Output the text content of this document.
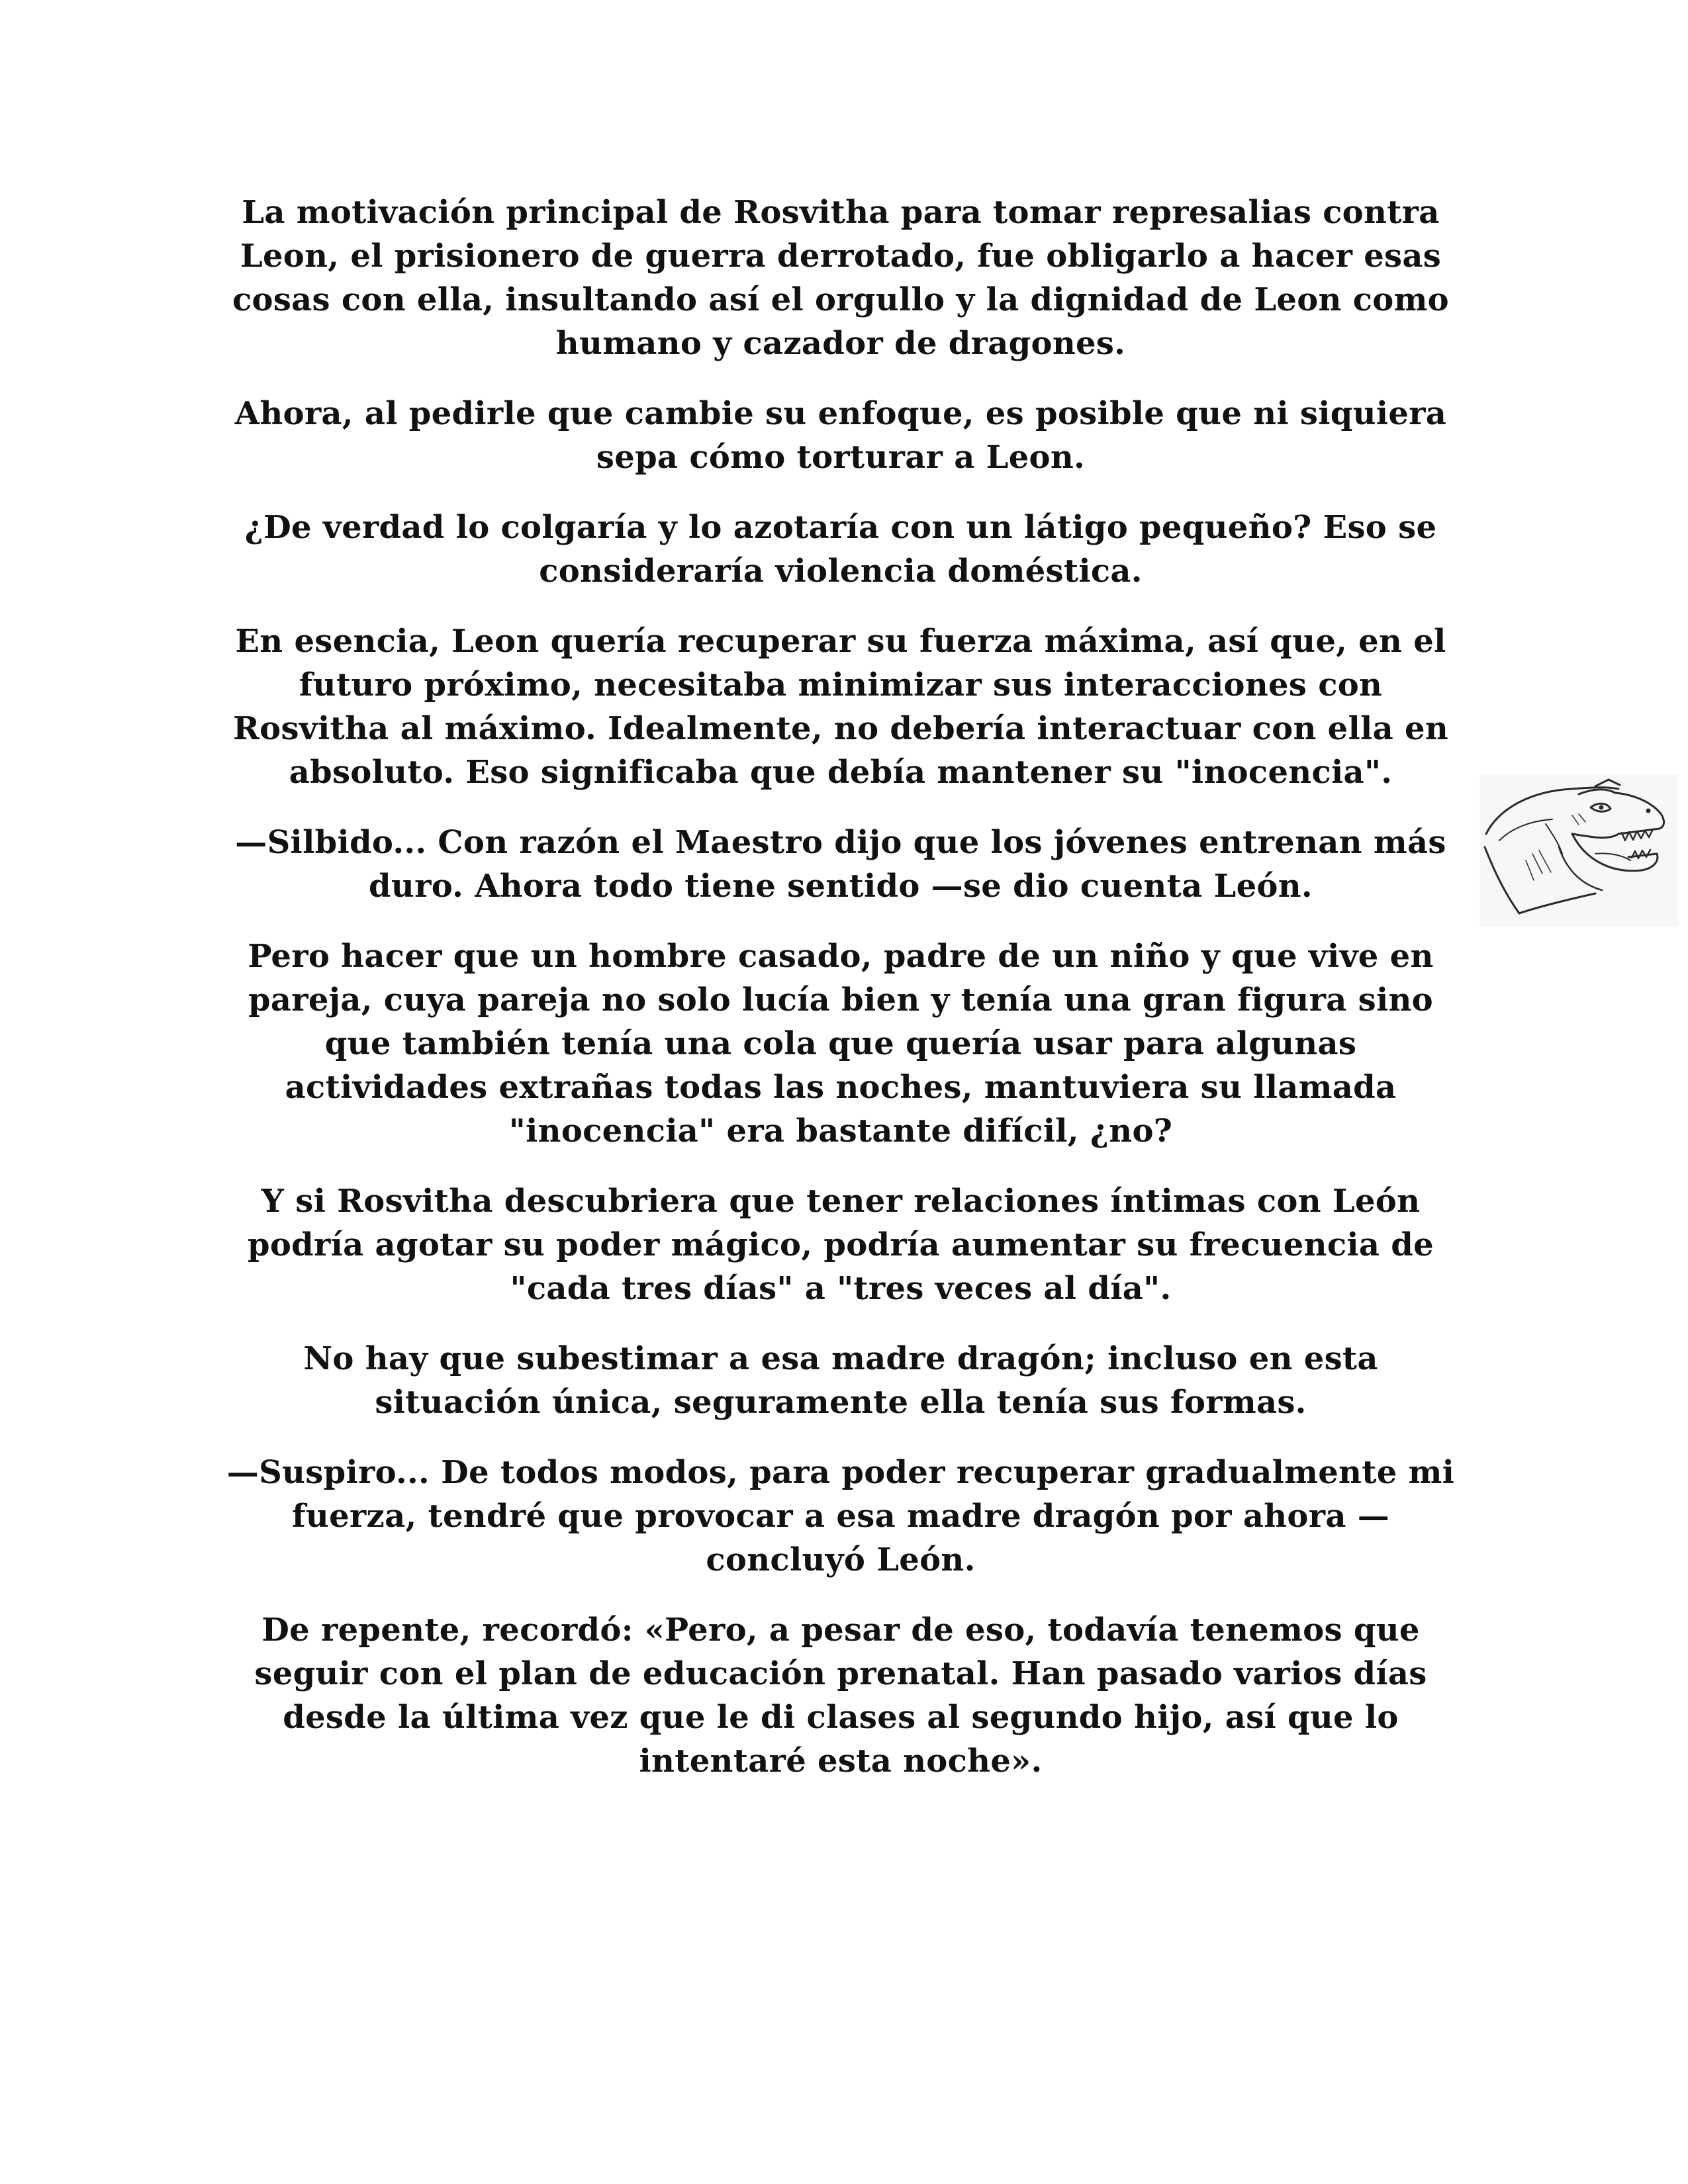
La motivación principal de Rosvitha para tomar represalias contra Leon, el prisionero de guerra derrotado, fue obligarlo a hacer esas cosas con ella, insultando así el orgullo y la dignidad de Leon como humano y cazador de dragones.

Ahora, al pedirle que cambie su enfoque, es posible que ni siquiera sepa cómo torturar a Leon.

¿De verdad lo colgaría y lo azotaría con un látigo pequeño? Eso se consideraría violencia doméstica.

En esencia, Leon quería recuperar su fuerza máxima, así que, en el futuro próximo, necesitaba minimizar sus interacciones con Rosvitha al máximo. Idealmente, no debería interactuar con ella en absoluto. Eso significaba que debía mantener su "inocencia".

—Silbido... Con razón el Maestro dijo que los jóvenes entrenan más duro. Ahora todo tiene sentido —se dio cuenta León.

Pero hacer que un hombre casado, padre de un niño y que vive en pareja, cuya pareja no solo lucía bien y tenía una gran figura sino que también tenía una cola que quería usar para algunas actividades extrañas todas las noches, mantuviera su llamada "inocencia" era bastante difícil, ¿no?

Y si Rosvitha descubriera que tener relaciones íntimas con León podría agotar su poder mágico, podría aumentar su frecuencia de "cada tres días" a "tres veces al día".

No hay que subestimar a esa madre dragón; incluso en esta situación única, seguramente ella tenía sus formas.

—Suspiro... De todos modos, para poder recuperar gradualmente mi fuerza, tendré que provocar a esa madre dragón por ahora —concluyó León.

De repente, recordó: «Pero, a pesar de eso, todavía tenemos que seguir con el plan de educación prenatal. Han pasado varios días desde la última vez que le di clases al segundo hijo, así que lo intentaré esta noche».
